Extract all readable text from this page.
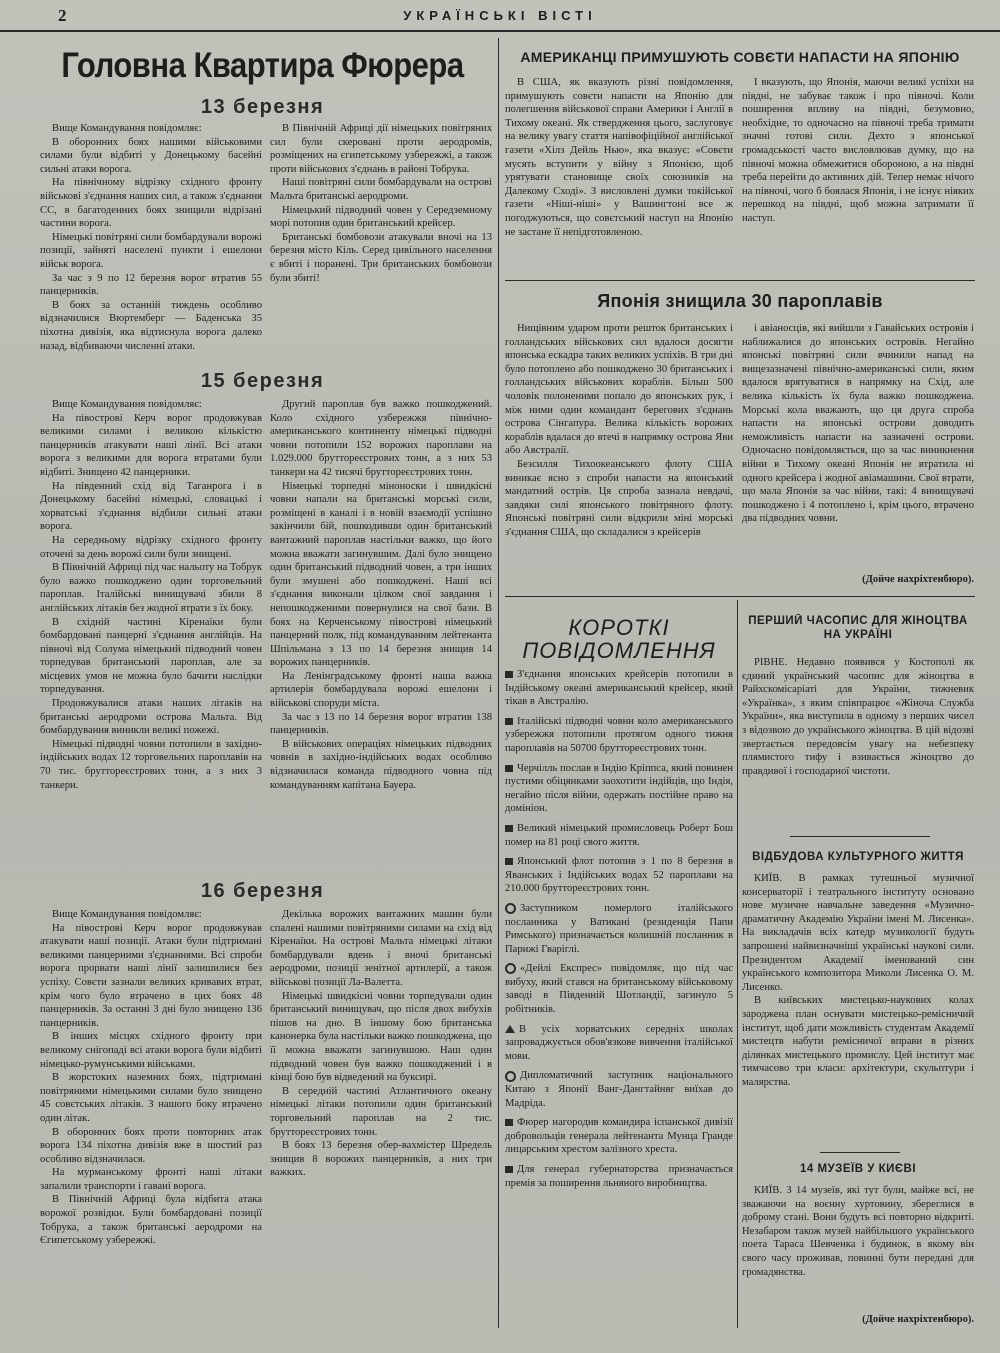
2	УКРАЇНСЬКІ ВІСТІ
Головна Квартира Фюрера
13 березня

Вище Командування повідомляє:

В оборонних боях нашими військовими силами були відбиті у Донецькому басейні сильні атаки ворога.

На північному відрізку східного фронту військові з'єднання наших сил, а також з'єднання СС, в багатоденних боях знищили відрізані частини ворога.

Німецькі повітряні сили бомбардували ворожі позиції, зайняті населені пункти і ешелони військ ворога.

За час з 9 по 12 березня ворог втратив 55 панцерників.

В боях за останній тиждень особливо відзначилися Вюртемберг — Баденська 35 піхотна дивізія, яка відтиснула ворога далеко назад, відбиваючи численні атаки.

В Північній Африці дії німецьких повітряних сил були скеровані проти аеродромів, розміщених на єгипетському узбережжі, а також проти військових з'єднань в районі Тобрука.

Наші повітряні сили бомбардували на острові Мальта британські аеродроми.

Німецький підводний човен у Середземному морі потопив один британський крейсер.

Британські бомбовози атакували вночі на 13 березня місто Кіль. Серед цивільного населення є вбиті і поранені. Три британських бомбовози були збиті!

15 березня

Вище Командування повідомляє:

На півострові Керч ворог продовжував великими силами і великою кількістю панцерників атакувати наші лінії. Всі атаки ворога з великими для ворога втратами були відбиті. Знищено 42 панцерники.

На південний схід від Таганрога і в Донецькому басейні німецькі, словацькі і хорватські з'єднання відбили сильні атаки ворога.

На середньому відрізку східного фронту оточені за день ворожі сили були знищені.

В Північній Африці під час нальоту на Тобрук було важко пошкоджено один торговельний пароплав. Італійські винищувачі збили 8 англійських літаків без жодної втрати з їх боку.

В східній частині Кіренаїки були бомбардовані панцерні з'єднання англійців. На півночі від Солума німецький підводний човен торпедував британський пароплав, але за місцевих умов не можна було бачити наслідки торпедування.

Продовжувалися атаки наших літаків на британські аеродроми острова Мальта. Від бомбардування виникли великі пожежі.

Німецькі підводні човни потопили в західно-індійських водах 12 торговельних пароплавів на 70 тис. бруттореєстрових тонн, а з них 3 танкери.

Другий пароплав був важко пошкоджений. Коло східного узбережжя північно-американського континенту німецькі підводні човни потопили 152 ворожих пароплави на 1.029.000 бруттореєстрових тонн, а з них 53 танкери на 42 тисячі бруттореєстрових тонн.

Німецькі торпедні міноноски і швидкісні човни напали на британські морські сили, розміщені в каналі і в новій взаємодії успішно закінчили бій, пошкодивши один британський вантажний пароплав настільки важко, що його можна вважати загинувшим. Далі було знищено один британський підводний човен, а три інших були змушені або пошкоджені. Наші всі з'єднання виконали цілком свої завдання і непошкодженими повернулися на свої бази. В боях на Керченському півострові німецький панцерний полк, під командуванням лейтенанта Шпільмана з 13 по 14 березня знищив 14 ворожих панцерників.

На Ленінградському фронті наша важка артилерія бомбардувала ворожі ешелони і військові споруди міста.

За час з 13 по 14 березня ворог втратив 138 панцерників.

В військових операціях німецьких підводних човнів в західно-індійських водах особливо відзначилася команда підводного човна під командуванням капітана Бауера.

16 березня

Вище Командування повідомляє:

На півострові Керч ворог продовжував атакувати наші позиції. Атаки були підтримані великими панцерними з'єднаннями. Всі спроби ворога прорвати наші лінії залишилися без успіху. Совєти зазнали великих кривавих втрат, крім чого було втрачено в цих боях 48 панцерників. За останні 3 дні було знищено 136 панцерників.

В інших місцях східного фронту при великому снігопаді всі атаки ворога були відбиті німецько-румунськими військами.

В жорстоких наземних боях, підтримані повітряними німецькими силами було знищено 45 совєтських літаків. З нашого боку втрачено один літак.

В оборонних боях проти повторних атак ворога 134 піхотна дивізія вже в шостий раз особливо відзначилася.

На мурманському фронті наші літаки запалили транспорти і гавані ворога.

В Північній Африці була відбита атака ворожої розвідки. Були бомбардовані позиції Тобрука, а також британські аеродроми на Єгипетському узбережжі.

Декілька ворожих вантажних машин були спалені нашими повітряними силами на схід від Кіренаїки. На острові Мальта німецькі літаки бомбардували вдень і вночі британські аеродроми, позиції зенітної артилерії, а також військові позиції Ла-Валетта.

Німецькі швидкісні човни торпедували один британський винищувач, що після двох вибухів пішов на дно. В іншому бою британська канонерка була настільки важко пошкоджена, що її можна вважати загинувшою. Наш один підводний човен був важко пошкоджений і в кінці бою був відведений на буксирі.

В середній частині Атлантичного океану німецькі літаки потопили один британський торговельний пароплав на 2 тис. бруттореєстрових тонн.

В боях 13 березня обер-вахмістер Шредель знищив 8 ворожих панцерників, а них три важких.

АМЕРИКАНЦІ ПРИМУШУЮТЬ СОВЄТИ НАПАСТИ НА ЯПОНІЮ

В США, як вказують різні повідомлення, примушують совєти напасти на Японію для полегшення військової справи Америки і Англії в Тихому океані. Як ствердження цього, заслуговує на велику увагу стаття напівофіційної англійської газети «Хілз Дейль Нью», яка вказує: «Совєти мусять вступити у війну з Японією, щоб урятувати становище своїх союзників на Далекому Сході». З висловлені думки токійської газети «Ніші-ніші» у Вашингтоні все ж погоджуються, що совєтський наступ на Японію не застане її непідготовленою.

І вказують, що Японія, маючи великі успіхи на півдні, не забуває також і про півночі. Коли поширення впливу на півдні, безумовно, необхідне, то одночасно на півночі треба тримати значні готові сили. Дехто з японської громадськості часто висловлював думку, що на півночі можна обмежитися обороною, а на півдні треба перейти до активних дій. Тепер немає нічого на півночі, чого б боялася Японія, і не існує ніяких перешкод на півдні, щоб можна затримати її наступ.

Японія знищила 30 пароплавів

Нищівним ударом проти решток британських і голландських військових сил вдалося досягти японська ескадра таких великих успіхів. В три дні було потоплено або пошкоджено 30 британських і голландських військових кораблів. Більш 500 чоловік полоненими попало до японських рук, і між ними один командант берегових з'єднань острова Сінгапура. Велика кількість ворожих кораблів вдалася до втечі в напрямку острова Яви або Австралії.

Безсилля Тихоокеанського флоту США виникає ясно з спроби напасти на японський мандатний острів. Ця спроба зазнала невдачі, завдяки силі японського повітряного флоту. Японські повітряні сили відкрили міні морські з'єднання США, що складалися з крейсерів

і авіаносців, які вийшли з Гавайських островів і наближалися до японських островів. Негайно японські повітряні сили вчинили напад на вищезазначені північно-американські сили, яким вдалося врятуватися в напрямку на Схід, але велика кількість їх була важко пошкоджена. Морські кола вважають, що ця друга спроба напасти на японські острови доводить неможливість напасти на зазначені острови. Одночасно повідомляється, що за час виникнення війни в Тихому океані Японія не втратила ні одного крейсера і жодної авіамашини. Свої втрати, що мала Японія за час війни, такі: 4 винищувачі пошкоджено і 4 потоплено і, крім цього, втрачено два підводних човни.

(Дойче нахріхтенбюро).
КОРОТКІ
ПОВІДОМЛЕННЯ
З'єднання японських крейсерів потопили в Індійському океані американський крейсер, який тікав в Австралію.
Італійські підводні човни коло американського узбережжя потопили протягом одного тижня пароплавів на 50700 бруттореєстрових тонн.
Черчілль послав в Індію Кріппса, який повинен пустими обіцянками заохотити індійців, що Індія, негайно після війни, одержать постійне право на домініон.
Великий німецький промисловець Роберт Бош помер на 81 році свого життя.
Японський флот потопив з 1 по 8 березня в Яванських і Індійських водах 52 пароплави на 210.000 бруттореєстрових тонн.
Заступником померлого італійського посланника у Ватикані (резиденція Папи Римського) призначається колишній посланник в Парижі Гваріглі.
«Дейлі Експрес» повідомляє, що під час вибуху, який стався на британському військовому заводі в Південній Шотландії, загинуло 5 робітників.
В усіх хорватських середніх школах запроваджується обов'язкове вивчення італійської мови.
Дипломатичний заступник національного Китаю з Японії Ванг-Дангтайнвг виїхав до Мадріда.
Фюрер нагородив командира іспанської дивізії добровольців генерала лейтенанта Мунца Гранде лицарським хрестом залізного хреста.
Для генерал губернаторства призначається премія за поширення льняного виробництва.
ПЕРШИЙ ЧАСОПИС ДЛЯ ЖІНОЦТВА НА УКРАЇНІ

РІВНЕ. Недавно появився у Костополі як єдиний український часопис для жіноцтва в Райхскомісаріаті для України, тижневик «Українка», з яким співпрацює «Жіноча Служба України», яка виступила в одному з перших чисел з відозвою до українського жіноцтва. В цій відозві звертається передовсім увагу на небезпеку плямистого тифу і взивається жіноцтво до правдивої і господарної чистоти.

ВІДБУДОВА КУЛЬТУРНОГО ЖИТТЯ

КИЇВ. В рамках тутешньої музичної консерваторії і театрального інституту основано нове музичне навчальне заведення «Музично-драматичну Академію України імені М. Лисенка». На викладачів всіх катедр музикології будуть запрошені найвизначніші українські наукові сили. Президентом Академії іменований син українського композитора Миколи Лисенка О. М. Лисенко.

В київських мистецько-наукових колах зароджена план оснувати мистецько-ремісничий інститут, щоб дати можливість студентам Академії мистецтв набути ремісничої вправи в різних ділянках мистецького промислу. Цей інститут має тимчасово три класи: архітектури, скульптури і малярства.

14 МУЗЕЇВ У КИЄВІ

КИЇВ. З 14 музеїв, які тут були, майже всі, не зважаючи на воєнну хуртовину, збереглися в доброму стані. Вони будуть всі повторно відкриті. Незабаром також музей найбільшого українського поета Тараса Шевченка і будинок, в якому він свого часу проживав, повинні бути передані для громадянства.

(Дойче нахріхтенбюро).
